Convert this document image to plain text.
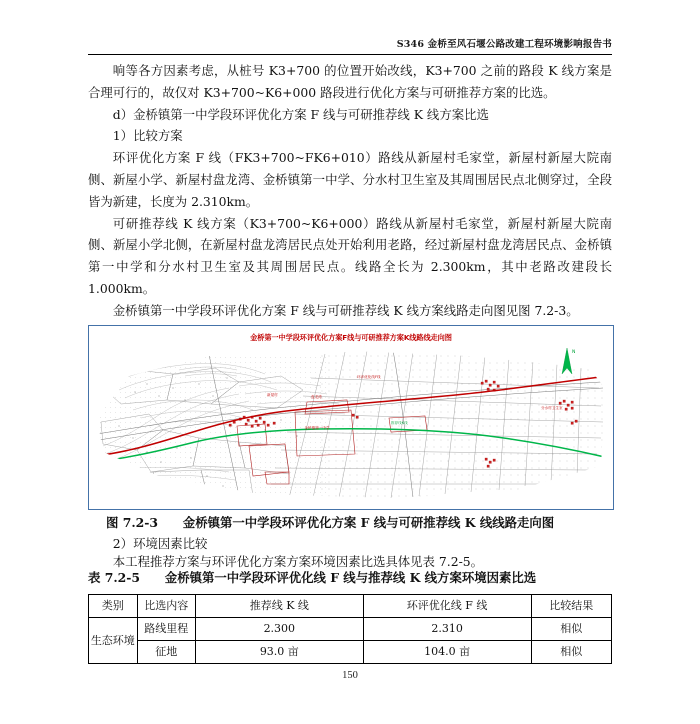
S346 金桥至风石堰公路改建工程环境影响报告书

响等各方因素考虑，从桩号 K3+700 的位置开始改线，K3+700 之前的路段 K 线方案是合理可行的，故仅对 K3+700~K6+000 路段进行优化方案与可研推荐方案的比选。

d）金桥镇第一中学段环评优化方案 F 线与可研推荐线 K 线方案比选

1）比较方案

环评优化方案 F 线（FK3+700~FK6+010）路线从新屋村毛家堂，新屋村新屋大院南侧、新屋小学、新屋村盘龙湾、金桥镇第一中学、分水村卫生室及其周围居民点北侧穿过，全段皆为新建，长度为 2.310km。

可研推荐线 K 线方案（K3+700~K6+000）路线从新屋村毛家堂，新屋村新屋大院南侧、新屋小学北侧，在新屋村盘龙湾居民点处开始利用老路，经过新屋村盘龙湾居民点、金桥镇第一中学和分水村卫生室及其周围居民点。线路全长为 2.300km，其中老路改建段长 1.000km。

金桥镇第一中学段环评优化方案 F 线与可研推荐线 K 线方案线路走向图见图 7.2-3。

金桥第一中学段环评优化方案F线与可研推荐方案K线路线走向图
N
环评优化线F线
新屋村
金桥镇第一中学
盘龙湾
推荐线K线
分水村卫生室
图 7.2-3　　金桥镇第一中学段环评优化方案 F 线与可研推荐线 K 线线路走向图
2）环境因素比较
本工程推荐方案与环评优化方案方案环境因素比选具体见表 7.2-5。
表 7.2-5　　金桥镇第一中学段环评优化线 F 线与推荐线 K 线方案环境因素比选
类别	比选内容	推荐线 K 线	环评优化线 F 线	比较结果
生态环境	路线里程	2.300	2.310	相似
	征地	93.0 亩	104.0 亩	相似
150
